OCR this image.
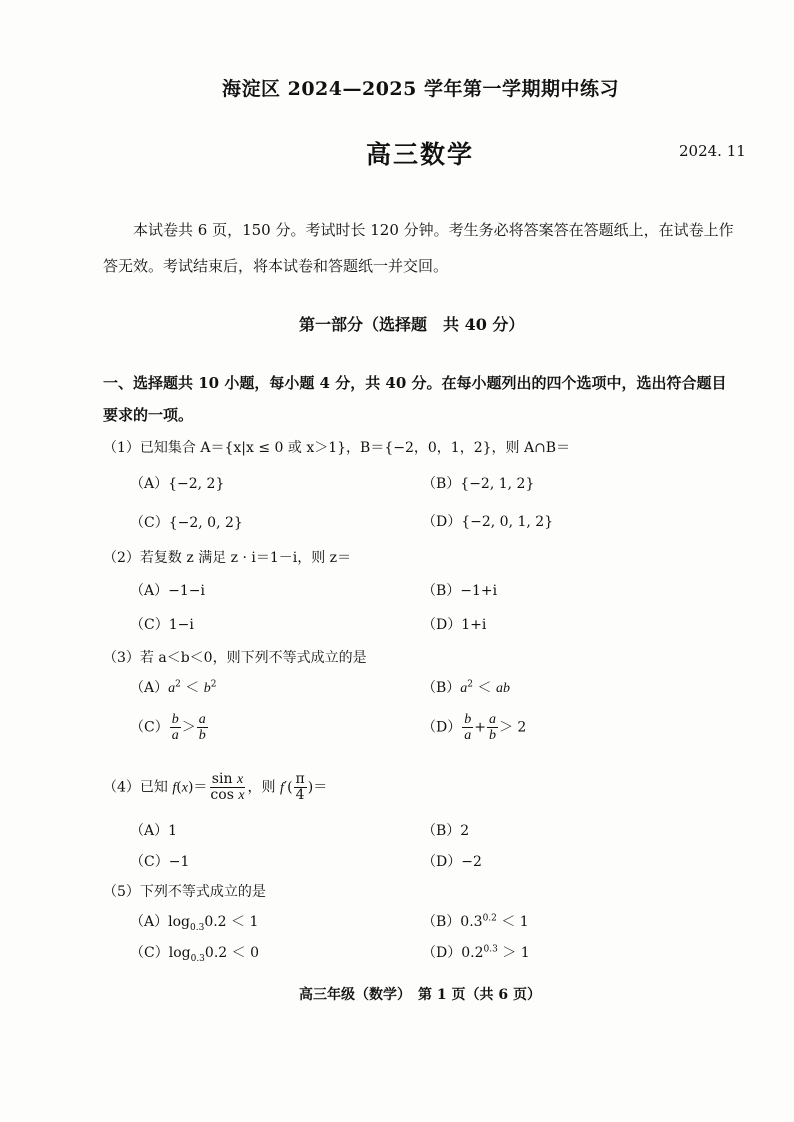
海淀区 2024—2025 学年第一学期期中练习
高三数学	2024. 11
本试卷共 6 页，150 分。考试时长 120 分钟。考生务必将答案答在答题纸上，在试卷上作答无效。考试结束后，将本试卷和答题纸一并交回。
第一部分（选择题　共 40 分）
一、选择题共 10 小题，每小题 4 分，共 40 分。在每小题列出的四个选项中，选出符合题目要求的一项。
（1）已知集合 A＝{x|x ≤ 0 或 x＞1}，B＝{−2，0，1，2}，则 A∩B＝
（A）{−2, 2}	（B）{−2, 1, 2}
（C）{−2, 0, 2}	（D）{−2, 0, 1, 2}
（2）若复数 z 满足 z · i＝1－i，则 z＝
（A）−1−i	（B）−1+i
（C）1−i	（D）1+i
（3）若 a＜b＜0，则下列不等式成立的是
$(A)a^2 < b^2$	$(B)a^2$ ＜ ab
$(C) \frac{b}{a} > \frac{a}{b}$	$(D) \frac{b}{a} + \frac{a}{b} > 2$
（4）已知 $f(x)= \frac{\text{sin x}}{\text{cos x}}$ ，则 $f'( \frac{\pi}{4}$ )＝
（A）1	（B）2
（C）−1	（D）−2
（5）下列不等式成立的是
$(A)\log_{0.3}0.2 < 1$	$(B)0.3^{0.2} < 1$
$(C)\log_{0.3}0.2 < 0$	$(D)0.2^{0.3} > 1$
高三年级（数学）　第 1 页（共 6 页）
